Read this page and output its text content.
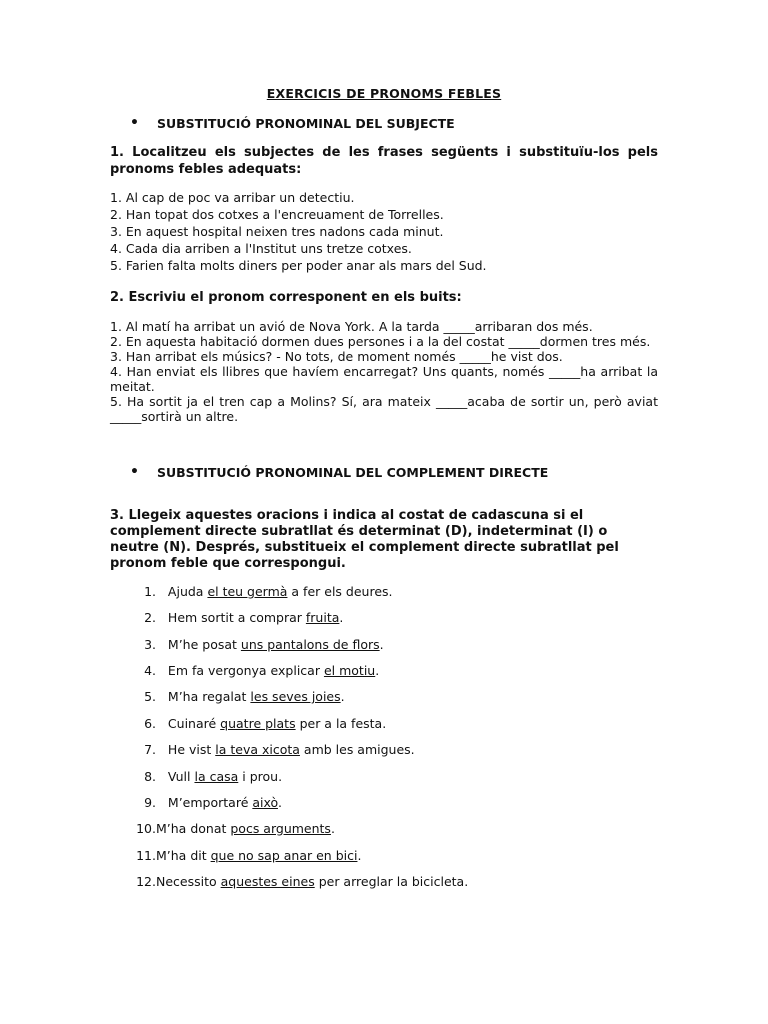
EXERCICIS DE PRONOMS FEBLES
• SUBSTITUCIÓ PRONOMINAL DEL SUBJECTE
1. Localitzeu els subjectes de les frases següents i substituïu-los pels pronoms febles adequats:
1. Al cap de poc va arribar un detectiu.
2. Han topat dos cotxes a l'encreuament de Torrelles.
3. En aquest hospital neixen tres nadons cada minut.
4. Cada dia arriben a l'Institut uns tretze cotxes.
5. Farien falta molts diners per poder anar als mars del Sud.
2. Escriviu el pronom corresponent en els buits:
1. Al matí ha arribat un avió de Nova York. A la tarda _____arribaran dos més.
2. En aquesta habitació dormen dues persones i a la del costat _____dormen tres més.
3. Han arribat els músics? - No tots, de moment només _____he vist dos.
4. Han enviat els llibres que havíem encarregat? Uns quants, només _____ha arribat la meitat.
5. Ha sortit ja el tren cap a Molins? Sí, ara mateix _____acaba de sortir un, però aviat _____sortirà un altre.
• SUBSTITUCIÓ PRONOMINAL DEL COMPLEMENT DIRECTE
3. Llegeix aquestes oracions i indica al costat de cadascuna si el complement directe subratllat és determinat (D), indeterminat (I) o neutre (N). Després, substitueix el complement directe subratllat pel pronom feble que correspongui.
1. Ajuda el teu germà a fer els deures.
2. Hem sortit a comprar fruita.
3. M’he posat uns pantalons de flors.
4. Em fa vergonya explicar el motiu.
5. M’ha regalat les seves joies.
6. Cuinaré quatre plats per a la festa.
7. He vist la teva xicota amb les amigues.
8. Vull la casa i prou.
9. M’emportaré això.
10.M’ha donat pocs arguments.
11.M’ha dit que no sap anar en bici.
12.Necessito aquestes eines per arreglar la bicicleta.
